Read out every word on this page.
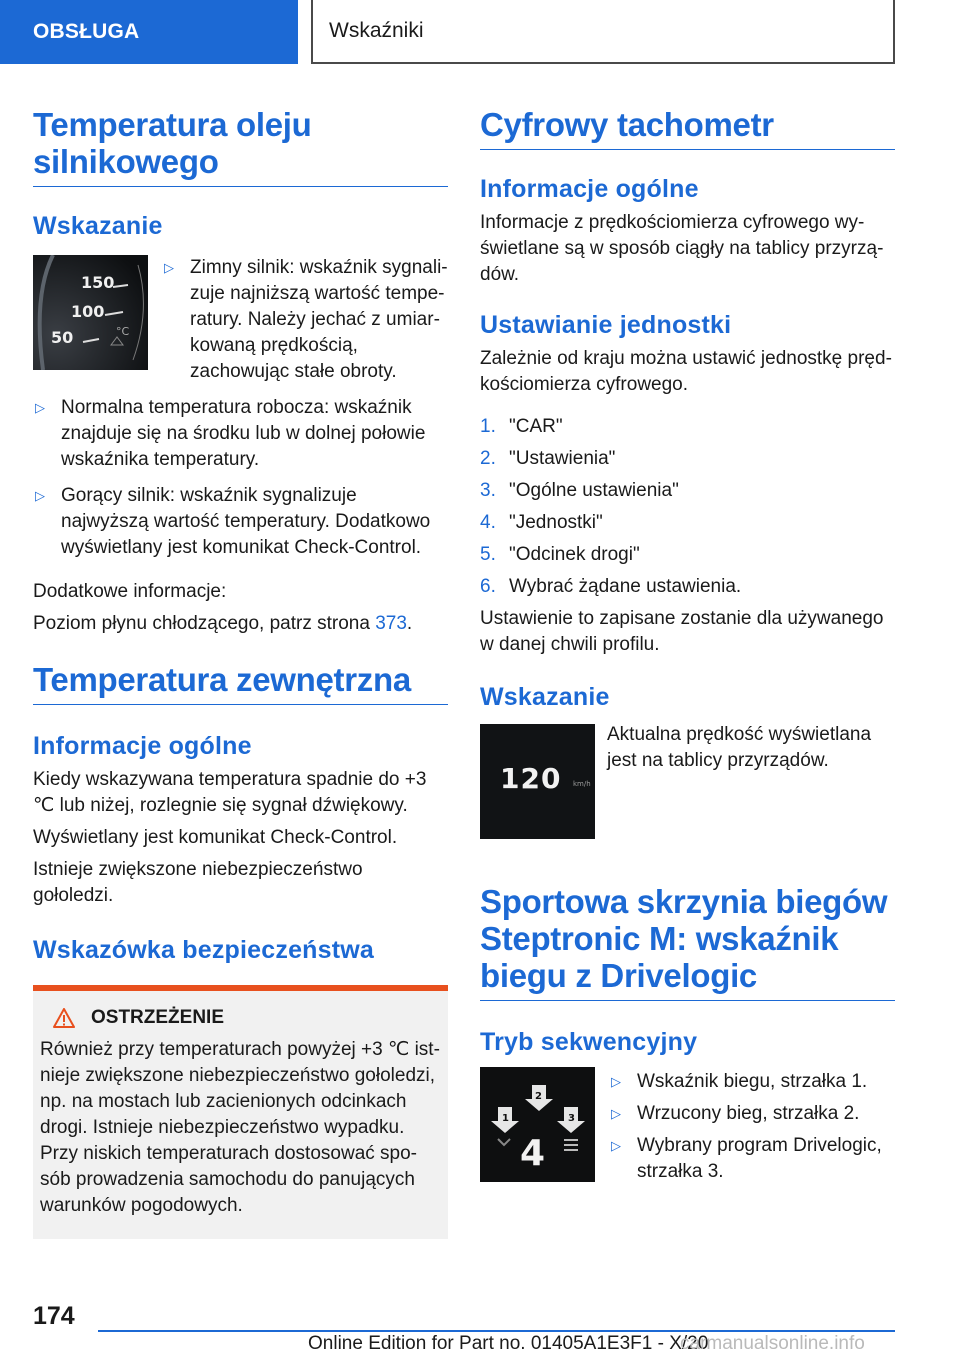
OBSŁUGA	Wskaźniki
Temperatura oleju silnikowego
Wskazanie
150
100
50	°C
▷ Zimny silnik: wskaźnik sygnalizuje najniższą wartość temperatury. Należy jechać z umiarkowaną prędkością, zachowując stałe obroty.
▷ Normalna temperatura robocza: wskaźnik znajduje się na środku lub w dolnej połowie wskaźnika temperatury.
▷ Gorący silnik: wskaźnik sygnalizuje najwyższą wartość temperatury. Dodatkowo wyświetlany jest komunikat Check-Control.

Dodatkowe informacje:

Poziom płynu chłodzącego, patrz strona 373.

Temperatura zewnętrzna
Informacje ogólne

Kiedy wskazywana temperatura spadnie do +3 ℃ lub niżej, rozlegnie się sygnał dźwiękowy.

Wyświetlany jest komunikat Check-Control.

Istnieje zwiększone niebezpieczeństwo gołoledzi.

Wskazówka bezpieczeństwa
OSTRZEŻENIE

Również przy temperaturach powyżej +3 ℃ istnieje zwiększone niebezpieczeństwo gołoledzi, np. na mostach lub zacienionych odcinkach drogi. Istnieje niebezpieczeństwo wypadku. Przy niskich temperaturach dostosować sposób prowadzenia samochodu do panujących warunków pogodowych.

Cyfrowy tachometr
Informacje ogólne

Informacje z prędkościomierza cyfrowego wyświetlane są w sposób ciągły na tablicy przyrządów.

Ustawianie jednostki

Zależnie od kraju można ustawić jednostkę prędkościomierza cyfrowego.

1. "CAR"
2. "Ustawienia"
3. "Ogólne ustawienia"
4. "Jednostki"
5. "Odcinek drogi"
6. Wybrać żądane ustawienia.

Ustawienie to zapisane zostanie dla używanego w danej chwili profilu.

Wskazanie
120 km/h

Aktualna prędkość wyświetlana jest na tablicy przyrządów.

Sportowa skrzynia biegów Steptronic M: wskaźnik biegu z Drivelogic
Tryb sekwencyjny
2
1	3
4
▷ Wskaźnik biegu, strzałka 1.
▷ Wrzucony bieg, strzałka 2.
▷ Wybrany program Drivelogic, strzałka 3.
174
Online Edition for Part no. 01405A1E3F1 - X/20
carmanualsonline.info
